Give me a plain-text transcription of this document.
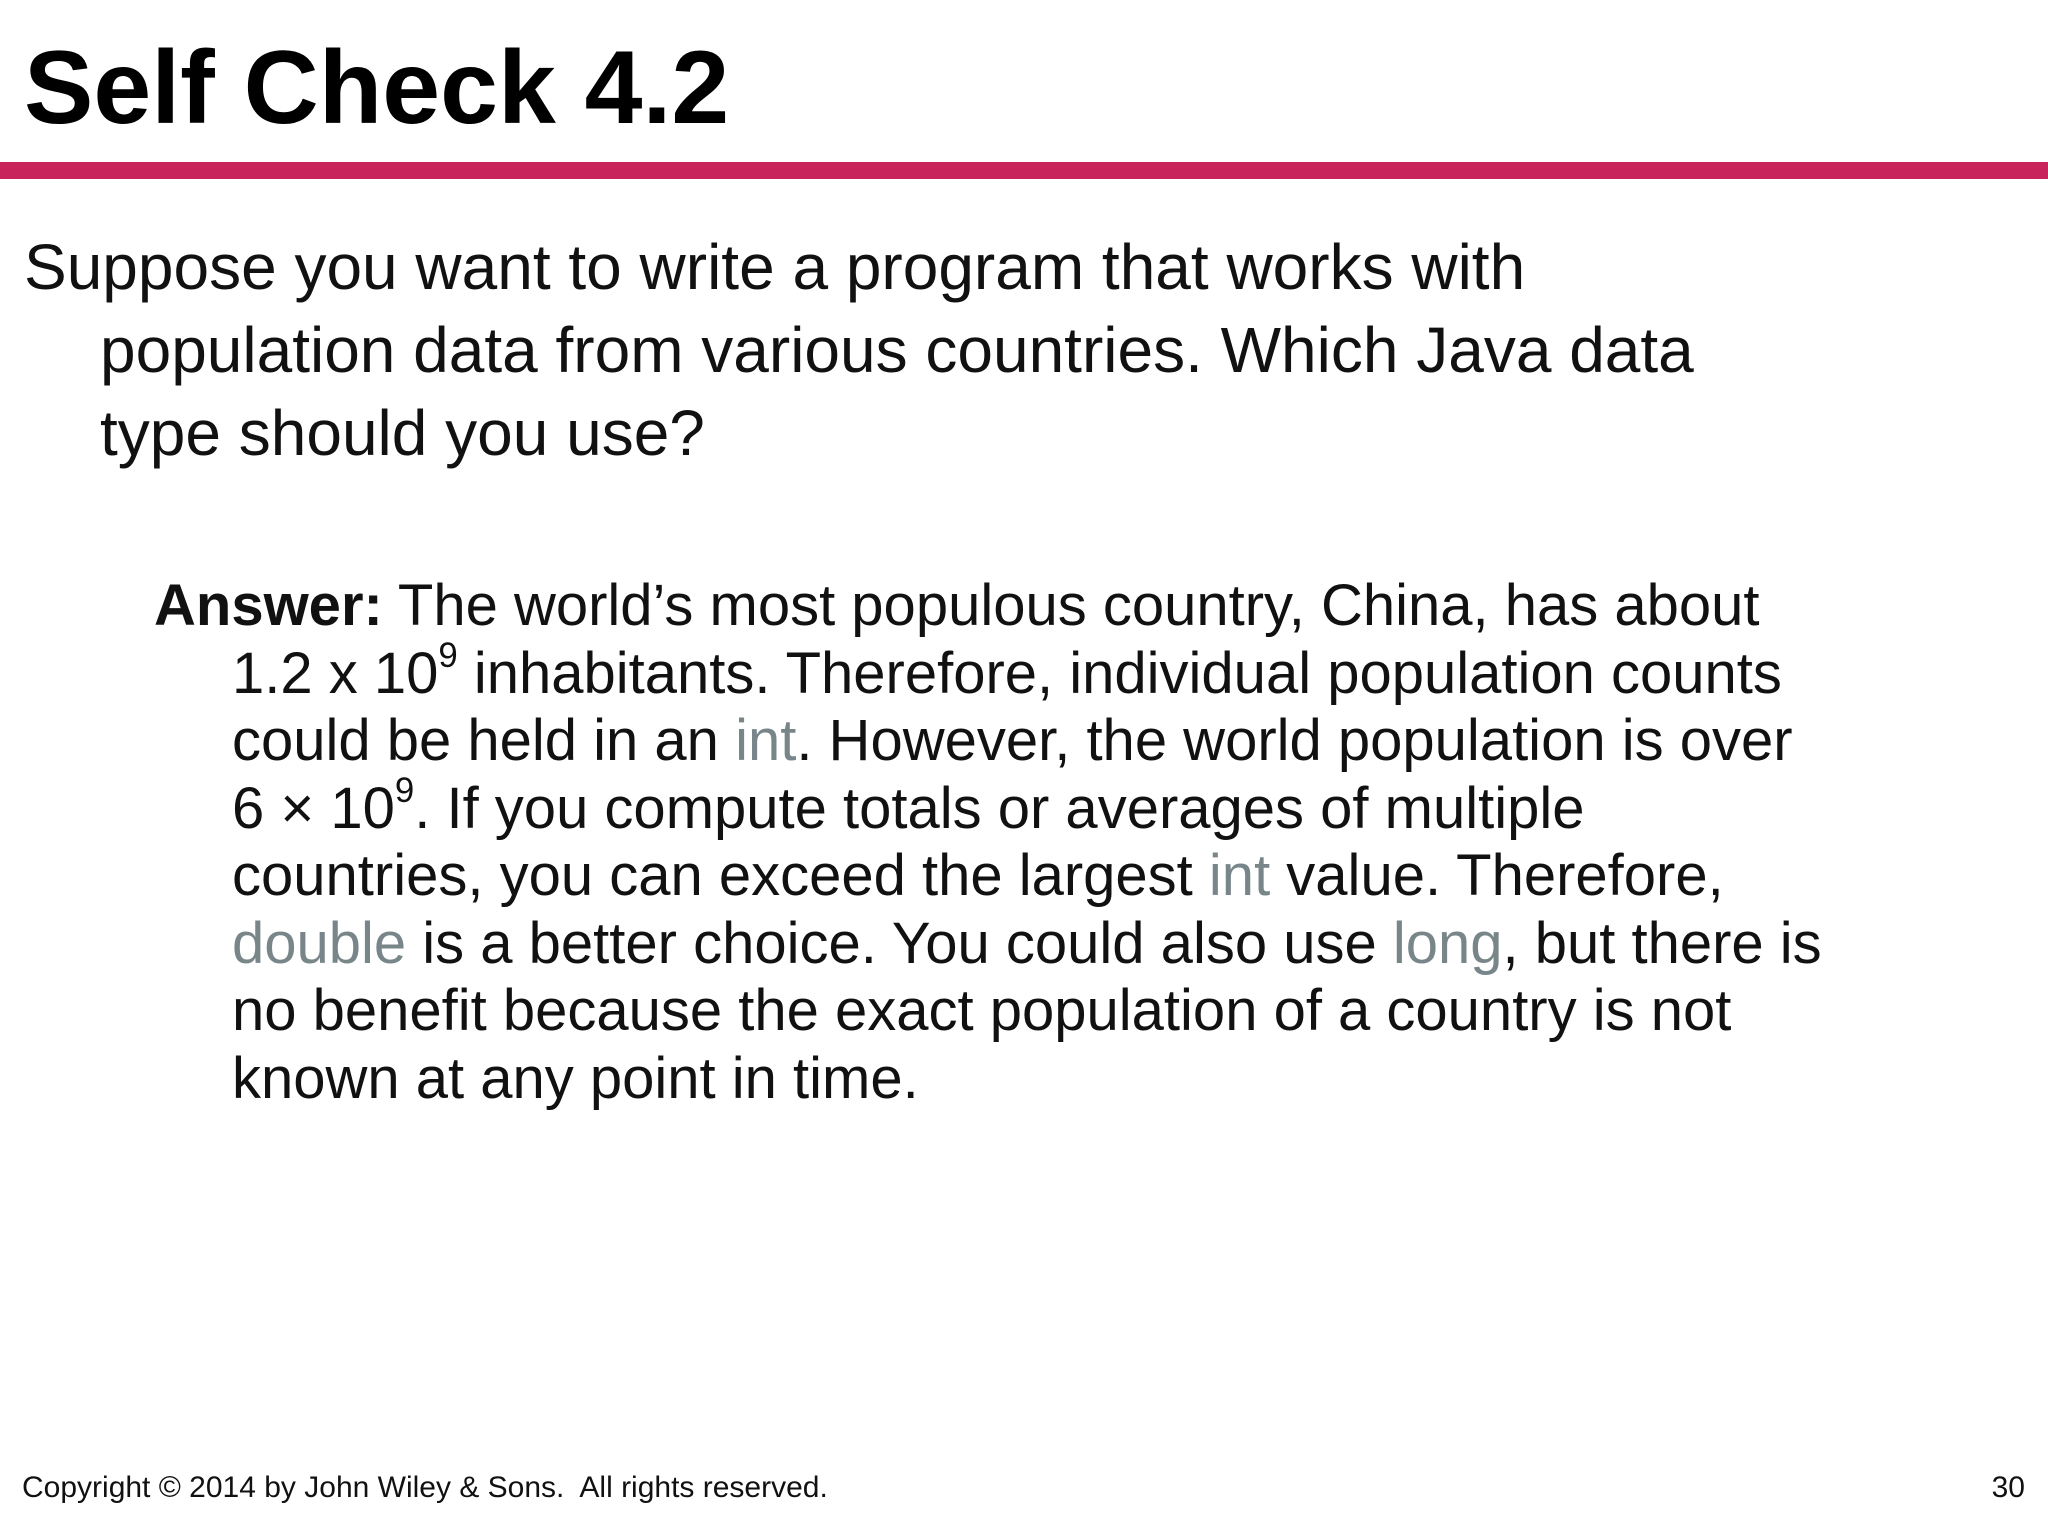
Self Check 4.2

Suppose you want to write a program that works with
population data from various countries. Which Java data
type should you use?

Answer: The world’s most populous country, China, has about
1.2 x $10^9$ inhabitants. Therefore, individual population counts
could be held in an int. However, the world population is over
$6 \times 10^9$. If you compute totals or averages of multiple
countries, you can exceed the largest int value. Therefore,
double is a better choice. You could also use long, but there is
no benefit because the exact population of a country is not
known at any point in time.

Copyright © 2014 by John Wiley & Sons.  All rights reserved.	30
